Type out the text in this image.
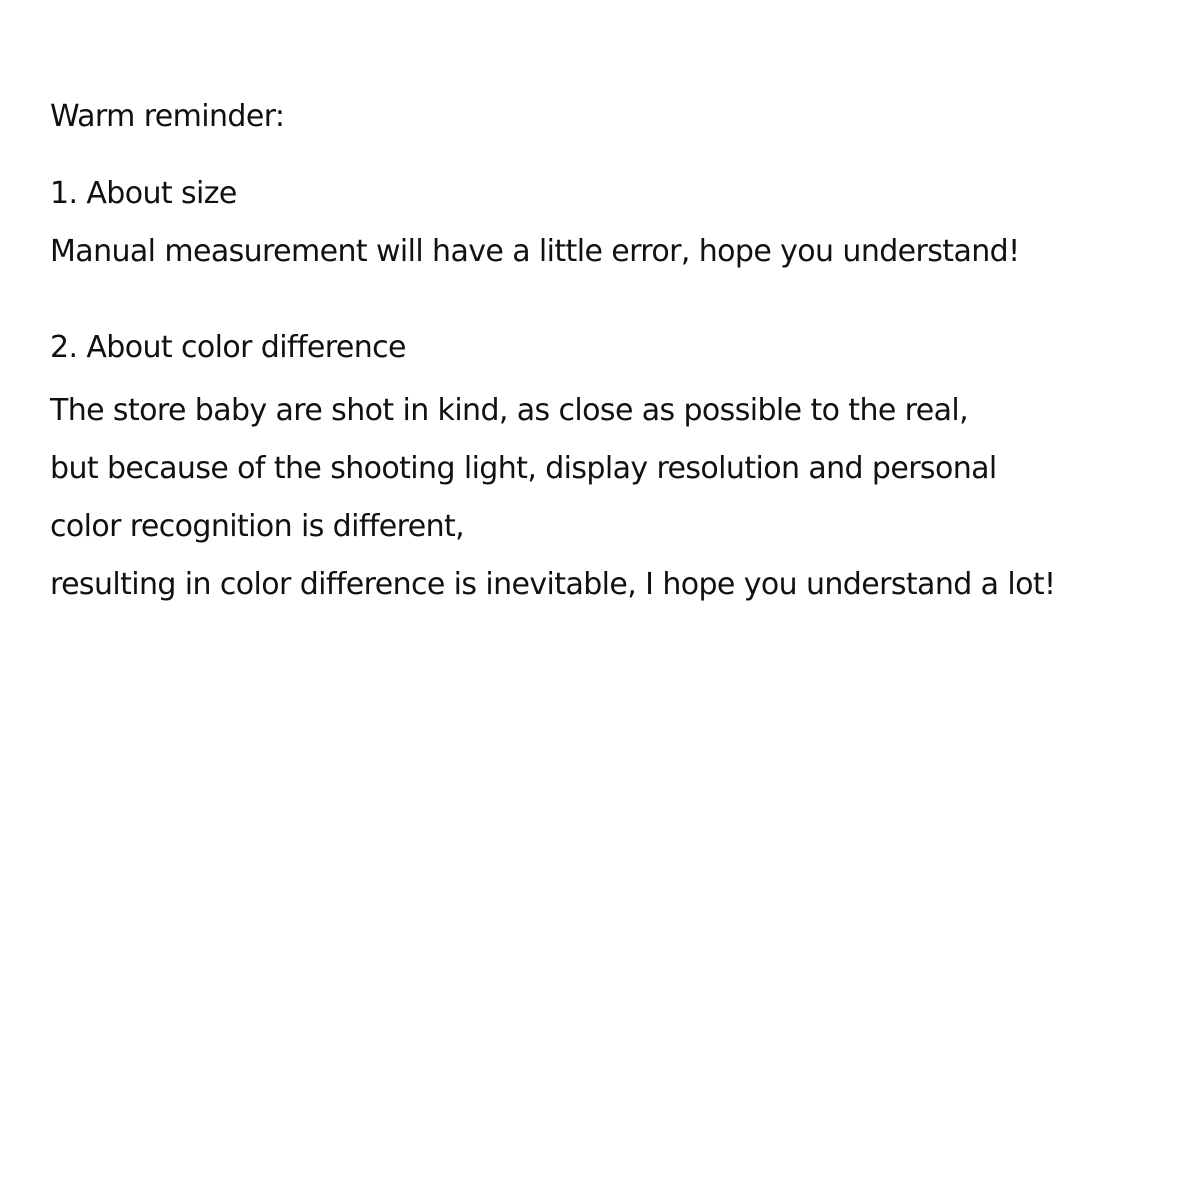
Warm reminder:
1. About size
Manual measurement will have a little error, hope you understand!
2. About color difference
The store baby are shot in kind, as close as possible to the real,
but because of the shooting light, display resolution and personal
color recognition is different,
resulting in color difference is inevitable, I hope you understand a lot!
